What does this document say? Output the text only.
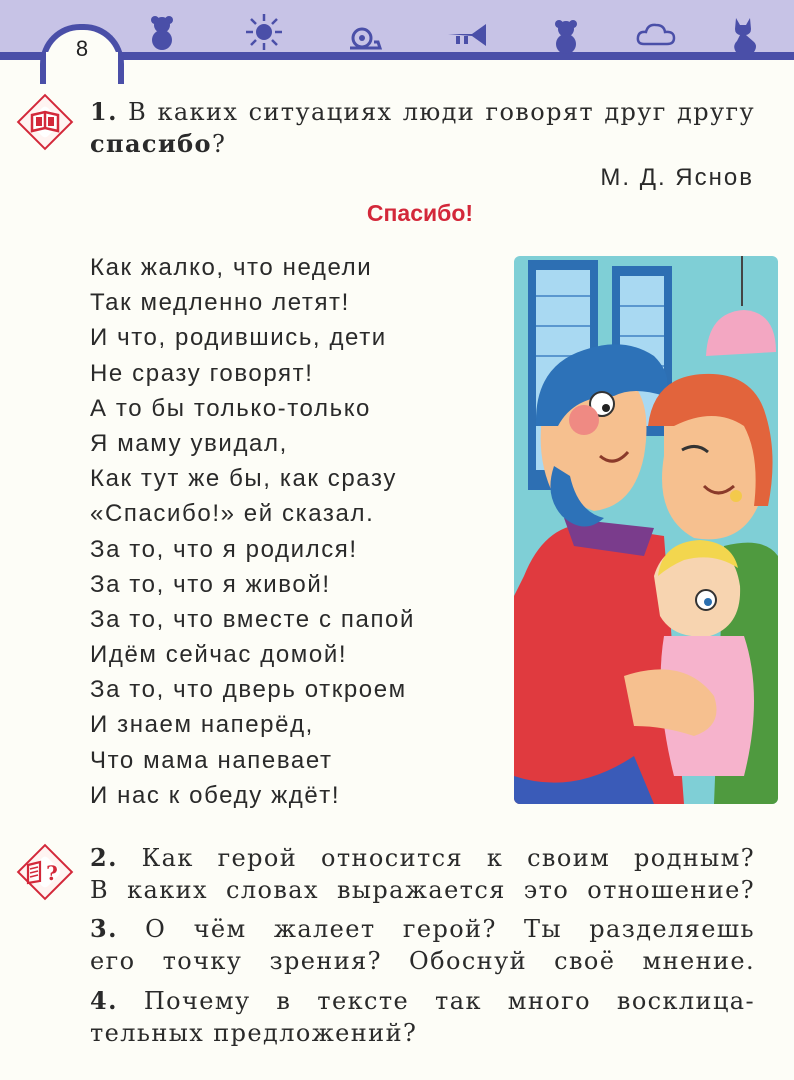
8
1. В каких ситуациях люди говорят друг другу спасибо?
М. Д. Яснов
Спасибо!
Как жалко, что недели
Так медленно летят!
И что, родившись, дети
Не сразу говорят!
А то бы только-только
Я маму увидал,
Как тут же бы, как сразу
«Спасибо!» ей сказал.
За то, что я родился!
За то, что я живой!
За то, что вместе с папой
Идём сейчас домой!
За то, что дверь откроем
И знаем наперёд,
Что мама напевает
И нас к обеду ждёт!
?
2. Как герой относится к своим родным?
В каких словах выражается это отношение?
3. О чём жалеет герой? Ты разделяешь
его точку зрения? Обоснуй своё мнение.
4. Почему в тексте так много восклица-
тельных предложений?
